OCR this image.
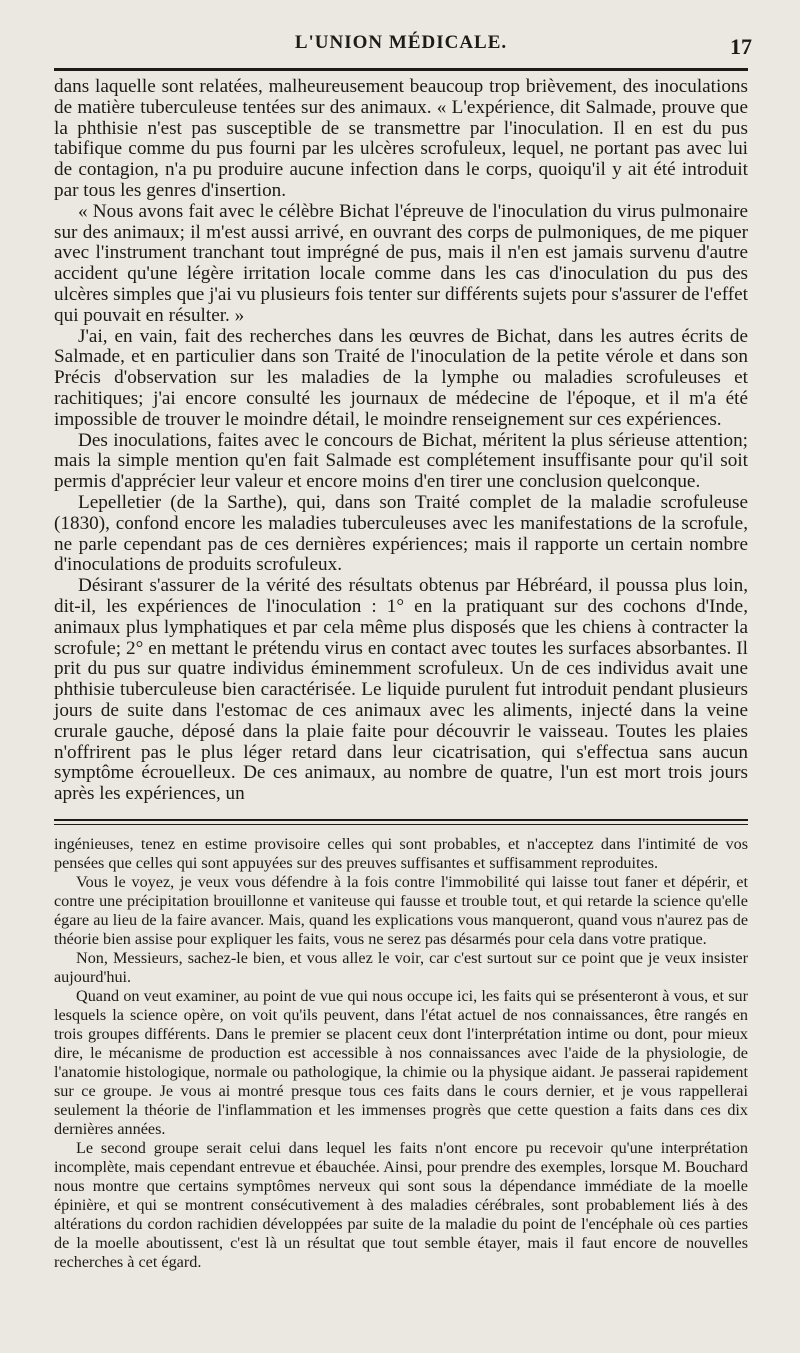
L'UNION MÉDICALE.	17

dans laquelle sont relatées, malheureusement beaucoup trop brièvement, des inoculations de matière tuberculeuse tentées sur des animaux. « L'expérience, dit Salmade, prouve que la phthisie n'est pas susceptible de se transmettre par l'inoculation. Il en est du pus tabifique comme du pus fourni par les ulcères scrofuleux, lequel, ne portant pas avec lui de contagion, n'a pu produire aucune infection dans le corps, quoiqu'il y ait été introduit par tous les genres d'insertion.

« Nous avons fait avec le célèbre Bichat l'épreuve de l'inoculation du virus pulmonaire sur des animaux; il m'est aussi arrivé, en ouvrant des corps de pulmoniques, de me piquer avec l'instrument tranchant tout imprégné de pus, mais il n'en est jamais survenu d'autre accident qu'une légère irritation locale comme dans les cas d'inoculation du pus des ulcères simples que j'ai vu plusieurs fois tenter sur différents sujets pour s'assurer de l'effet qui pouvait en résulter. »

J'ai, en vain, fait des recherches dans les œuvres de Bichat, dans les autres écrits de Salmade, et en particulier dans son Traité de l'inoculation de la petite vérole et dans son Précis d'observation sur les maladies de la lymphe ou maladies scrofuleuses et rachitiques; j'ai encore consulté les journaux de médecine de l'époque, et il m'a été impossible de trouver le moindre détail, le moindre renseignement sur ces expériences.

Des inoculations, faites avec le concours de Bichat, méritent la plus sérieuse attention; mais la simple mention qu'en fait Salmade est complétement insuffisante pour qu'il soit permis d'apprécier leur valeur et encore moins d'en tirer une conclusion quelconque.

Lepelletier (de la Sarthe), qui, dans son Traité complet de la maladie scrofuleuse (1830), confond encore les maladies tuberculeuses avec les manifestations de la scrofule, ne parle cependant pas de ces dernières expériences; mais il rapporte un certain nombre d'inoculations de produits scrofuleux.

Désirant s'assurer de la vérité des résultats obtenus par Hébréard, il poussa plus loin, dit-il, les expériences de l'inoculation : 1° en la pratiquant sur des cochons d'Inde, animaux plus lymphatiques et par cela même plus disposés que les chiens à contracter la scrofule; 2° en mettant le prétendu virus en contact avec toutes les surfaces absorbantes. Il prit du pus sur quatre individus éminemment scrofuleux. Un de ces individus avait une phthisie tuberculeuse bien caractérisée. Le liquide purulent fut introduit pendant plusieurs jours de suite dans l'estomac de ces animaux avec les aliments, injecté dans la veine crurale gauche, déposé dans la plaie faite pour découvrir le vaisseau. Toutes les plaies n'offrirent pas le plus léger retard dans leur cicatrisation, qui s'effectua sans aucun symptôme écrouelleux. De ces animaux, au nombre de quatre, l'un est mort trois jours après les expériences, un

ingénieuses, tenez en estime provisoire celles qui sont probables, et n'acceptez dans l'intimité de vos pensées que celles qui sont appuyées sur des preuves suffisantes et suffisamment reproduites.

Vous le voyez, je veux vous défendre à la fois contre l'immobilité qui laisse tout faner et dépérir, et contre une précipitation brouillonne et vaniteuse qui fausse et trouble tout, et qui retarde la science qu'elle égare au lieu de la faire avancer. Mais, quand les explications vous manqueront, quand vous n'aurez pas de théorie bien assise pour expliquer les faits, vous ne serez pas désarmés pour cela dans votre pratique.

Non, Messieurs, sachez-le bien, et vous allez le voir, car c'est surtout sur ce point que je veux insister aujourd'hui.

Quand on veut examiner, au point de vue qui nous occupe ici, les faits qui se présenteront à vous, et sur lesquels la science opère, on voit qu'ils peuvent, dans l'état actuel de nos connaissances, être rangés en trois groupes différents. Dans le premier se placent ceux dont l'interprétation intime ou dont, pour mieux dire, le mécanisme de production est accessible à nos connaissances avec l'aide de la physiologie, de l'anatomie histologique, normale ou pathologique, la chimie ou la physique aidant. Je passerai rapidement sur ce groupe. Je vous ai montré presque tous ces faits dans le cours dernier, et je vous rappellerai seulement la théorie de l'inflammation et les immenses progrès que cette question a faits dans ces dix dernières années.

Le second groupe serait celui dans lequel les faits n'ont encore pu recevoir qu'une interprétation incomplète, mais cependant entrevue et ébauchée. Ainsi, pour prendre des exemples, lorsque M. Bouchard nous montre que certains symptômes nerveux qui sont sous la dépendance immédiate de la moelle épinière, et qui se montrent consécutivement à des maladies cérébrales, sont probablement liés à des altérations du cordon rachidien développées par suite de la maladie du point de l'encéphale où ces parties de la moelle aboutissent, c'est là un résultat que tout semble étayer, mais il faut encore de nouvelles recherches à cet égard.
